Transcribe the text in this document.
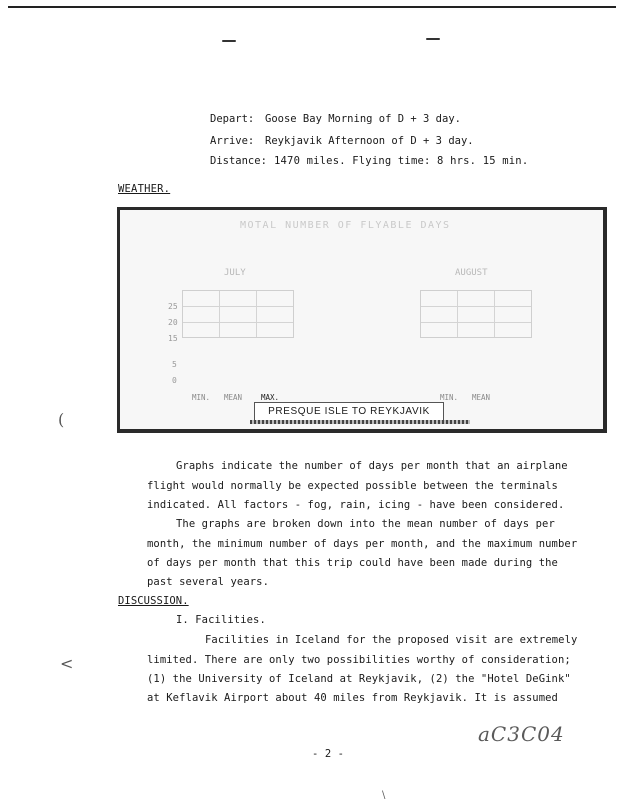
Depart: Goose Bay Morning of D + 3 day.
Arrive: Reykjavik Afternoon of D + 3 day.
Distance: 1470 miles. Flying time: 8 hrs. 15 min.
WEATHER.
MOTAL NUMBER OF FLYABLE DAYS
JULY	AUGUST
25
20
15
5
0
MIN. MEAN	MAX.	MIN. MEAN
PRESQUE ISLE TO REYKJAVIK
Graphs indicate the number of days per month that an airplane
flight would normally be expected possible between the terminals
indicated. All factors - fog, rain, icing - have been considered.
The graphs are broken down into the mean number of days per
month, the minimum number of days per month, and the maximum number
of days per month that this trip could have been made during the
past several years.
DISCUSSION.
I. Facilities.
Facilities in Iceland for the proposed visit are extremely
limited. There are only two possibilities worthy of consideration;
(1) the University of Iceland at Reykjavik, (2) the "Hotel DeGink"
at Keflavik Airport about 40 miles from Reykjavik. It is assumed
aC3C04
- 2 -
(
<
\
